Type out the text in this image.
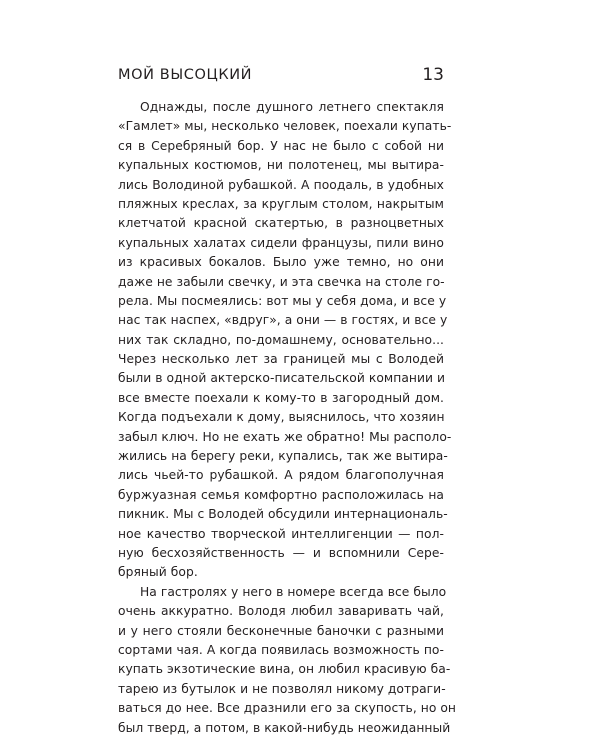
МОЙ ВЫСОЦКИЙ	13
Однажды, после душного летнего спектакля
«Гамлет» мы, несколько человек, поехали купать-
ся в Серебряный бор. У нас не было с собой ни
купальных костюмов, ни полотенец, мы вытира-
лись Володиной рубашкой. А поодаль, в удобных
пляжных креслах, за круглым столом, накрытым
клетчатой красной скатертью, в разноцветных
купальных халатах сидели французы, пили вино
из красивых бокалов. Было уже темно, но они
даже не забыли свечку, и эта свечка на столе го-
рела. Мы посмеялись: вот мы у себя дома, и все у
нас так наспех, «вдруг», а они — в гостях, и все у
них так складно, по-домашнему, основательно...
Через несколько лет за границей мы с Володей
были в одной актерско-писательской компании и
все вместе поехали к кому-то в загородный дом.
Когда подъехали к дому, выяснилось, что хозяин
забыл ключ. Но не ехать же обратно! Мы располо-
жились на берегу реки, купались, так же вытира-
лись чьей-то рубашкой. А рядом благополучная
буржуазная семья комфортно расположилась на
пикник. Мы с Володей обсудили интернациональ-
ное качество творческой интеллигенции — пол-
ную бесхозяйственность — и вспомнили Сере-
бряный бор.
На гастролях у него в номере всегда все было
очень аккуратно. Володя любил заваривать чай,
и у него стояли бесконечные баночки с разными
сортами чая. А когда появилась возможность по-
купать экзотические вина, он любил красивую ба-
тарею из бутылок и не позволял никому дотраги-
ваться до нее. Все дразнили его за скупость, но он
был тверд, а потом, в какой-нибудь неожиданный
